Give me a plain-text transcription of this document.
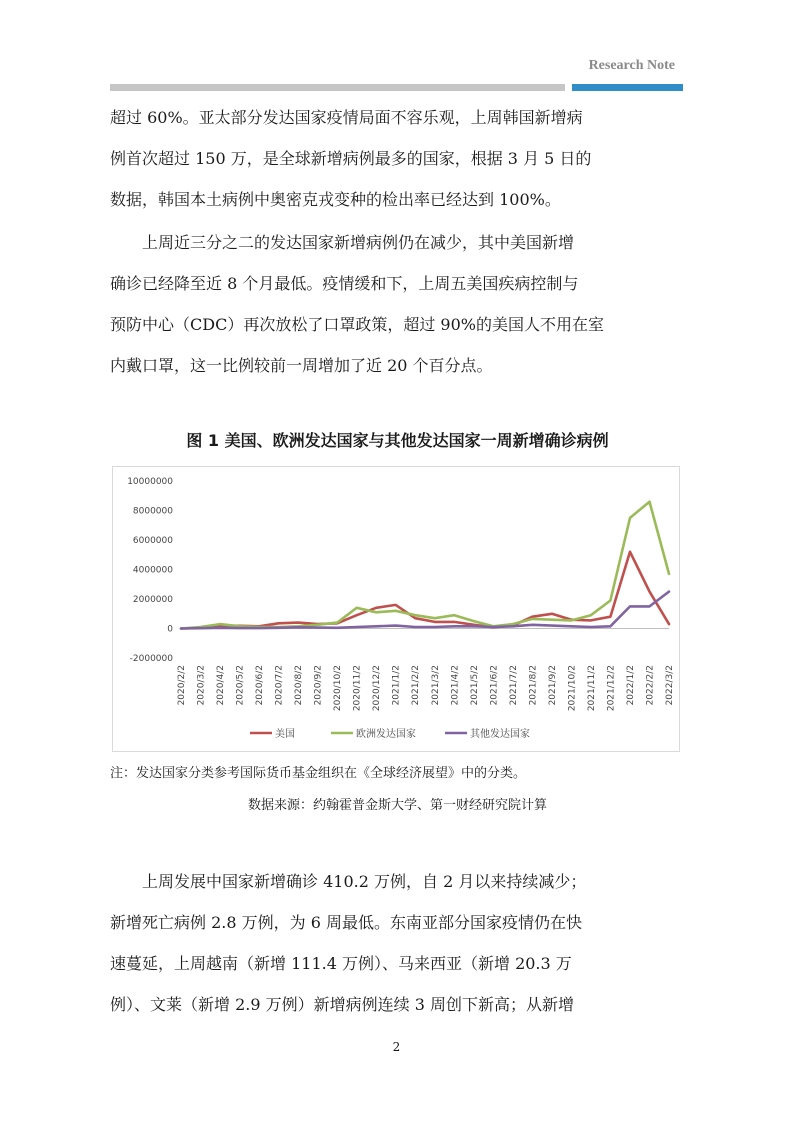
Research Note
超过 60%。亚太部分发达国家疫情局面不容乐观，上周韩国新增病
例首次超过 150 万，是全球新增病例最多的国家，根据 3 月 5 日的
数据，韩国本土病例中奥密克戎变种的检出率已经达到 100%。
　　上周近三分之二的发达国家新增病例仍在减少，其中美国新增
确诊已经降至近 8 个月最低。疫情缓和下，上周五美国疾病控制与
预防中心（CDC）再次放松了口罩政策，超过 90%的美国人不用在室
内戴口罩，这一比例较前一周增加了近 20 个百分点。
图 1 美国、欧洲发达国家与其他发达国家一周新增确诊病例
10000000
8000000
6000000
4000000
2000000
0
-2000000
2020/2/2 2020/3/2 2020/4/2 2020/5/2 2020/6/2 2020/7/2 2020/8/2 2020/9/2 2020/10/2 2020/11/2 2020/12/2 2021/1/2 2021/2/2 2021/3/2 2021/4/2 2021/5/2 2021/6/2 2021/7/2 2021/8/2 2021/9/2 2021/10/2 2021/11/2 2021/12/2 2022/1/2 2022/2/2 2022/3/2
美国	欧洲发达国家	其他发达国家
注：发达国家分类参考国际货币基金组织在《全球经济展望》中的分类。
数据来源：约翰霍普金斯大学、第一财经研究院计算
　　上周发展中国家新增确诊 410.2 万例，自 2 月以来持续减少；
新增死亡病例 2.8 万例，为 6 周最低。东南亚部分国家疫情仍在快
速蔓延，上周越南（新增 111.4 万例）、马来西亚（新增 20.3 万
例）、文莱（新增 2.9 万例）新增病例连续 3 周创下新高；从新增
2
